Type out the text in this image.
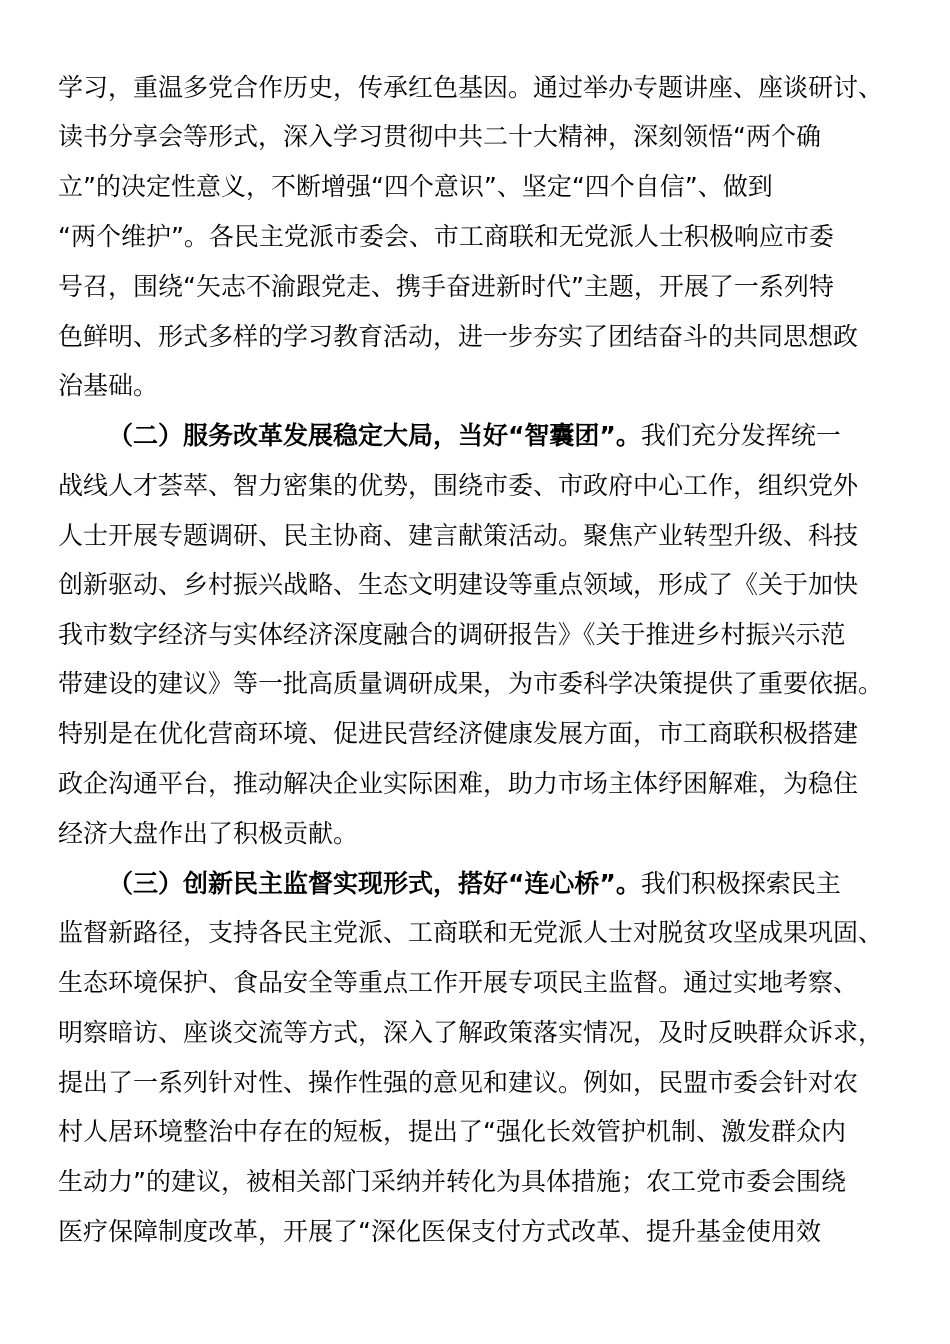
学习，重温多党合作历史，传承红色基因。通过举办专题讲座、座谈研讨、
读书分享会等形式，深入学习贯彻中共二十大精神，深刻领悟“两个确
立”的决定性意义，不断增强“四个意识”、坚定“四个自信”、做到
“两个维护”。各民主党派市委会、市工商联和无党派人士积极响应市委
号召，围绕“矢志不渝跟党走、携手奋进新时代”主题，开展了一系列特
色鲜明、形式多样的学习教育活动，进一步夯实了团结奋斗的共同思想政
治基础。
（二）服务改革发展稳定大局，当好“智囊团”。我们充分发挥统一
战线人才荟萃、智力密集的优势，围绕市委、市政府中心工作，组织党外
人士开展专题调研、民主协商、建言献策活动。聚焦产业转型升级、科技
创新驱动、乡村振兴战略、生态文明建设等重点领域，形成了《关于加快
我市数字经济与实体经济深度融合的调研报告》《关于推进乡村振兴示范
带建设的建议》等一批高质量调研成果，为市委科学决策提供了重要依据。
特别是在优化营商环境、促进民营经济健康发展方面，市工商联积极搭建
政企沟通平台，推动解决企业实际困难，助力市场主体纾困解难，为稳住
经济大盘作出了积极贡献。
（三）创新民主监督实现形式，搭好“连心桥”。我们积极探索民主
监督新路径，支持各民主党派、工商联和无党派人士对脱贫攻坚成果巩固、
生态环境保护、食品安全等重点工作开展专项民主监督。通过实地考察、
明察暗访、座谈交流等方式，深入了解政策落实情况，及时反映群众诉求，
提出了一系列针对性、操作性强的意见和建议。例如，民盟市委会针对农
村人居环境整治中存在的短板，提出了“强化长效管护机制、激发群众内
生动力”的建议，被相关部门采纳并转化为具体措施；农工党市委会围绕
医疗保障制度改革，开展了“深化医保支付方式改革、提升基金使用效
